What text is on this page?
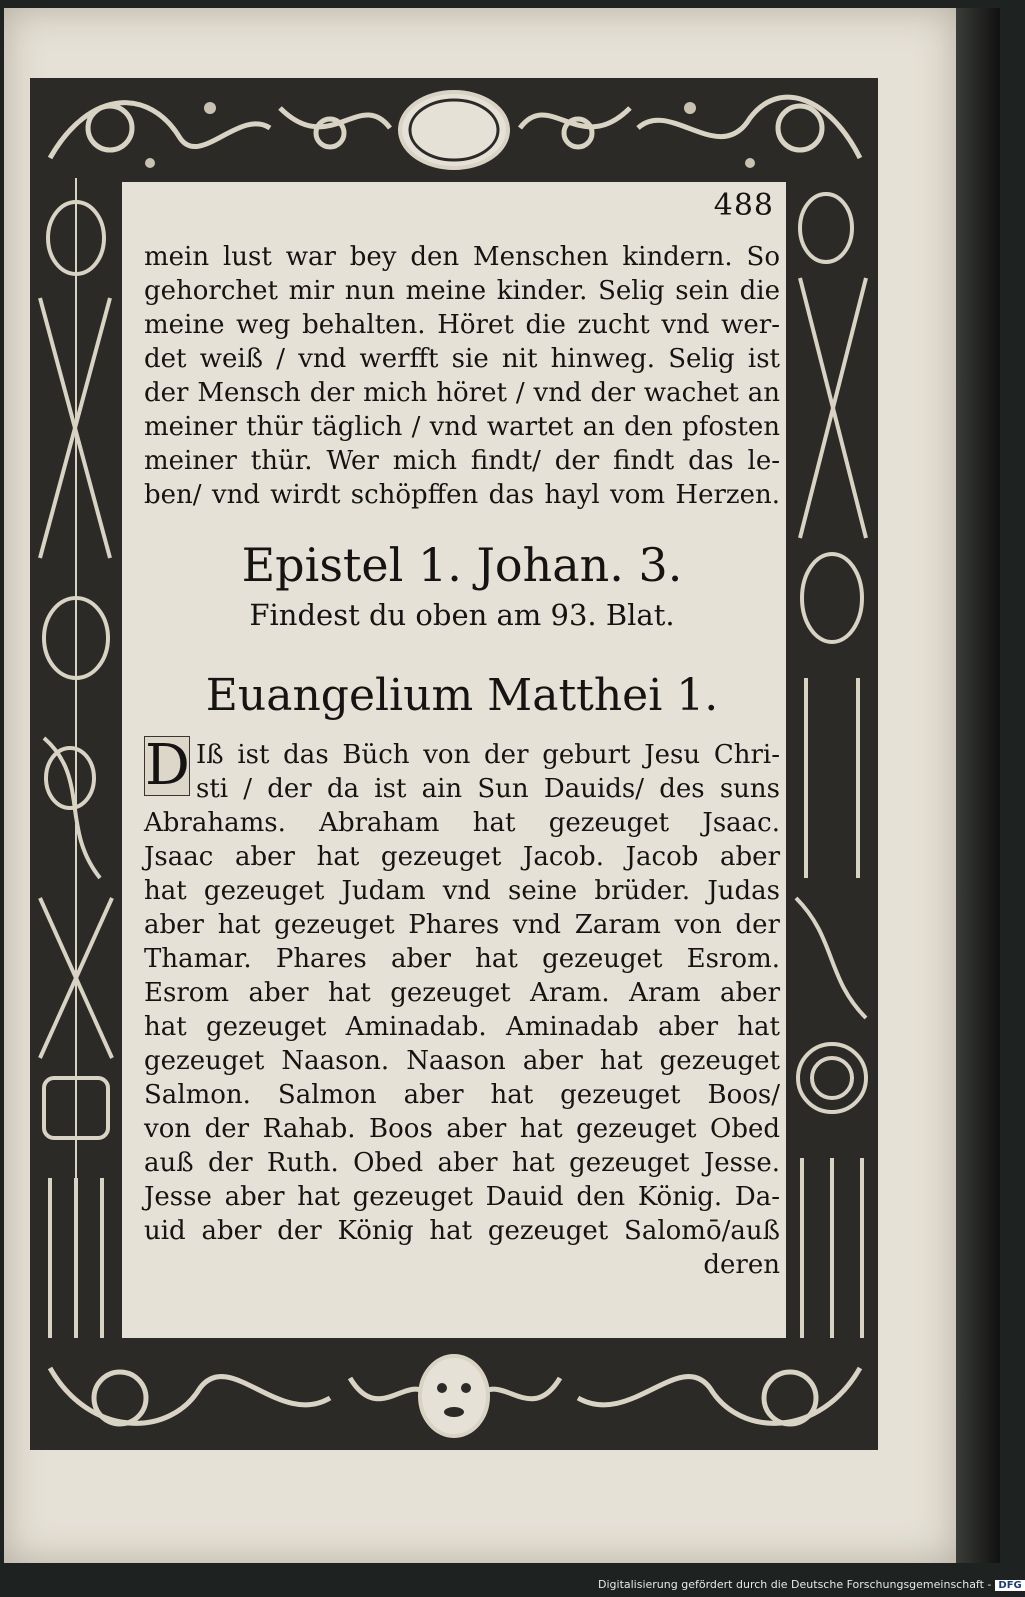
488
mein lust war bey den Menschen kindern. So
gehorchet mir nun meine kinder. Selig sein die
meine weg behalten. Höret die zucht vnd wer-
det weiß / vnd werfft sie nit hinweg. Selig ist
der Mensch der mich höret / vnd der wachet an
meiner thür täglich / vnd wartet an den pfosten
meiner thür. Wer mich findt/ der findt das le-
ben/ vnd wirdt schöpffen das hayl vom Herzen.
Epistel 1. Johan. 3.
Findest du oben am 93. Blat.
Euangelium Matthei 1.
D Iß ist das Büch von der geburt Jesu Chri-
sti / der da ist ain Sun Dauids/ des suns
Abrahams. Abraham hat gezeuget Jsaac.
Jsaac aber hat gezeuget Jacob. Jacob aber
hat gezeuget Judam vnd seine brüder. Judas
aber hat gezeuget Phares vnd Zaram von der
Thamar. Phares aber hat gezeuget Esrom.
Esrom aber hat gezeuget Aram. Aram aber
hat gezeuget Aminadab. Aminadab aber hat
gezeuget Naason. Naason aber hat gezeuget
Salmon. Salmon aber hat gezeuget Boos/
von der Rahab. Boos aber hat gezeuget Obed
auß der Ruth. Obed aber hat gezeuget Jesse.
Jesse aber hat gezeuget Dauid den König. Da-
uid aber der König hat gezeuget Salomō/auß
deren
Digitalisierung gefördert durch die Deutsche Forschungsgemeinschaft - DFG
